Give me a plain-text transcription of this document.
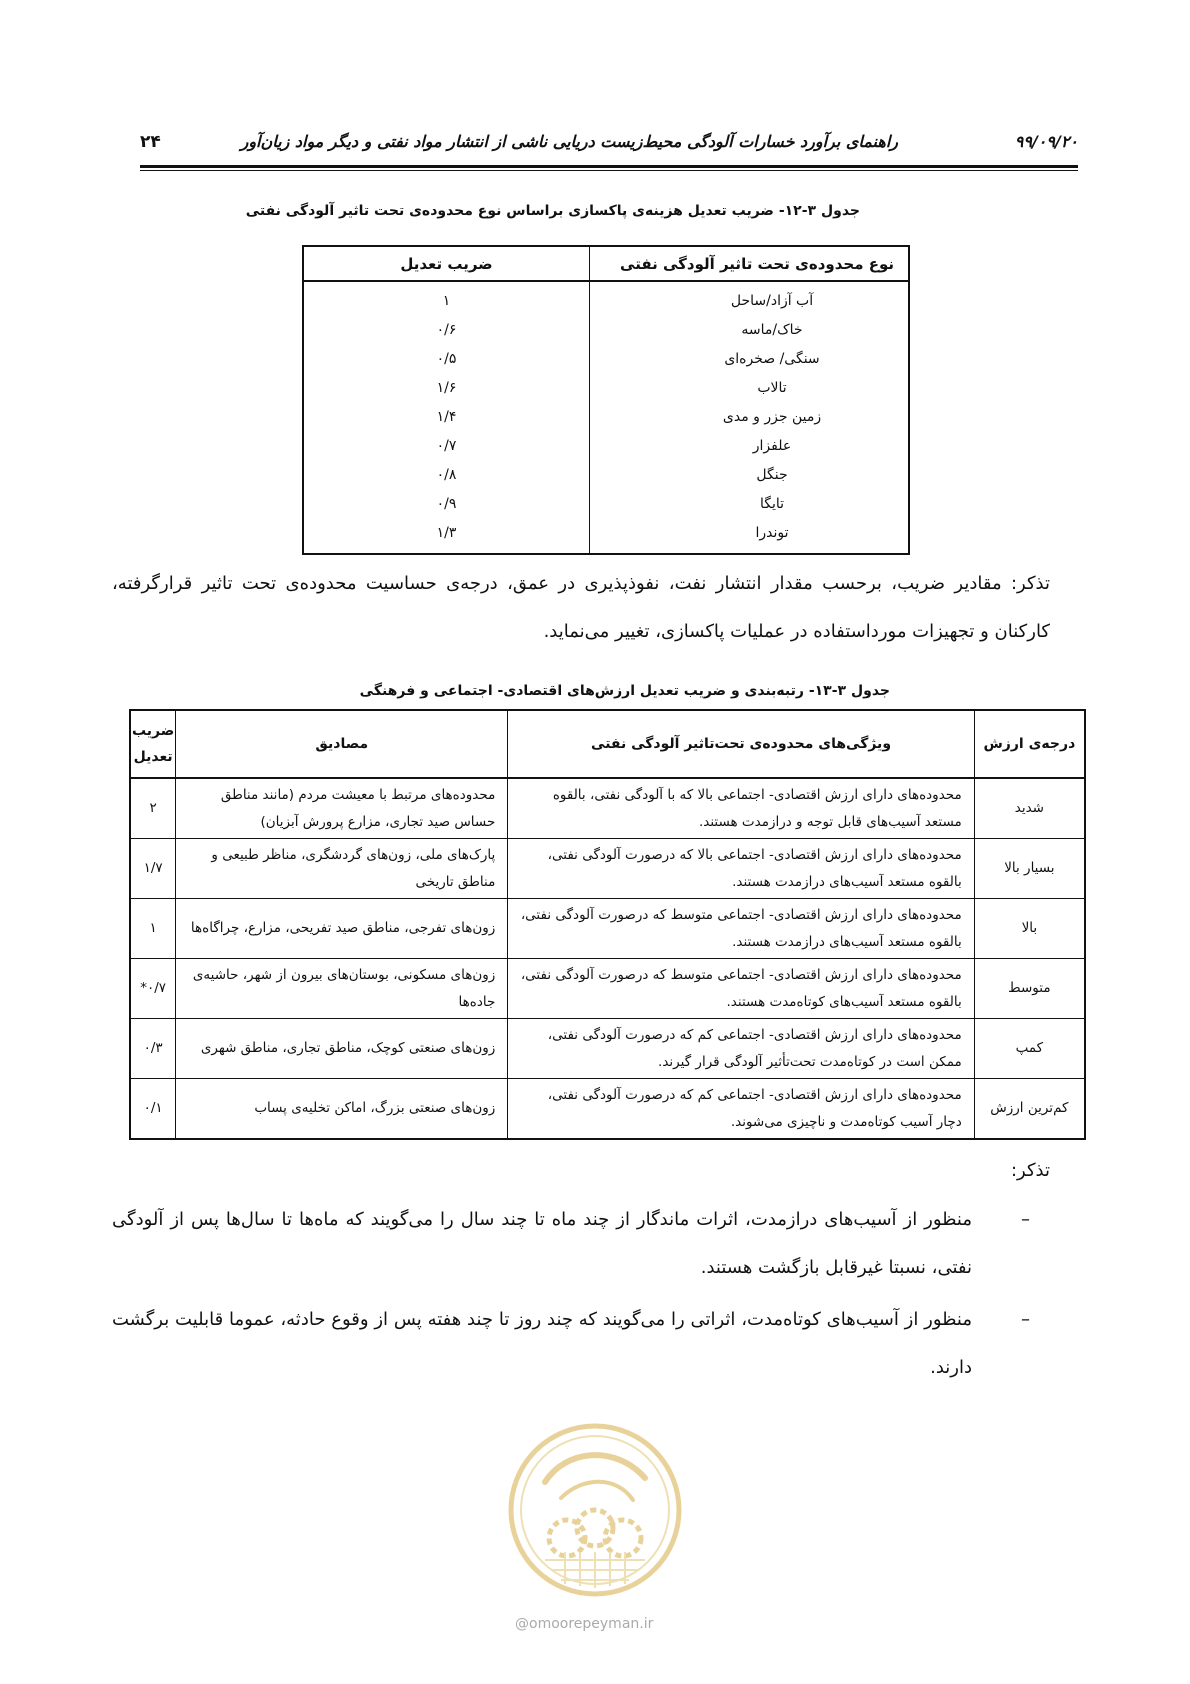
۹۹/۰۹/۲۰
راهنمای برآورد خسارات آلودگی محیط‌زیست دریایی ناشی از انتشار مواد نفتی و دیگر مواد زیان‌آور
۲۴
جدول ۳-۱۲- ضریب تعدیل هزینه‌ی پاکسازی براساس نوع محدوده‌ی تحت تاثیر آلودگی نفتی
نوع محدوده‌ی تحت تاثیر آلودگی نفتی	ضریب تعدیل
آب آزاد/ساحل	۱
خاک/ماسه	۰/۶
سنگی/ صخره‌ای	۰/۵
تالاب	۱/۶
زمین جزر و مدی	۱/۴
علفزار	۰/۷
جنگل	۰/۸
تایگا	۰/۹
توندرا	۱/۳

تذکر: مقادیر ضریب، برحسب مقدار انتشار نفت، نفوذپذیری در عمق، درجه‌ی حساسیت محدوده‌ی تحت تاثیر قرارگرفته، کارکنان و تجهیزات مورداستفاده در عملیات پاکسازی، تغییر می‌نماید.

جدول ۳-۱۳- رتبه‌بندی و ضریب تعدیل ارزش‌های اقتصادی- اجتماعی و فرهنگی
درجه‌ی ارزش	ویژگی‌های محدوده‌ی تحت‌تاثیر آلودگی نفتی	مصادیق	ضریب تعدیل
شدید	محدوده‌های دارای ارزش اقتصادی- اجتماعی بالا که با آلودگی نفتی، بالقوه مستعد آسیب‌های قابل توجه و درازمدت هستند.	محدوده‌های مرتبط با معیشت مردم (مانند مناطق حساس صید تجاری، مزارع پرورش آبزیان)	۲
بسیار بالا	محدوده‌های دارای ارزش اقتصادی- اجتماعی بالا که درصورت آلودگی نفتی، بالقوه مستعد آسیب‌های درازمدت هستند.	پارک‌های ملی، زون‌های گردشگری، مناظر طبیعی و مناطق تاریخی	۱/۷
بالا	محدوده‌های دارای ارزش اقتصادی- اجتماعی متوسط که درصورت آلودگی نفتی، بالقوه مستعد آسیب‌های درازمدت هستند.	زون‌های تفرجی، مناطق صید تفریحی، مزارع، چراگاه‌ها	۱
متوسط	محدوده‌های دارای ارزش اقتصادی- اجتماعی متوسط که درصورت آلودگی نفتی، بالقوه مستعد آسیب‌های کوتاه‌مدت هستند.	زون‌های مسکونی، بوستان‌های بیرون از شهر، حاشیه‌ی جاده‌ها	۰/۷*
کمپ	محدوده‌های دارای ارزش اقتصادی- اجتماعی کم که درصورت آلودگی نفتی، ممکن است در کوتاه‌مدت تحت‌تأثیر آلودگی قرار گیرند.	زون‌های صنعتی کوچک، مناطق تجاری، مناطق شهری	۰/۳
کم‌ترین ارزش	محدوده‌های دارای ارزش اقتصادی- اجتماعی کم که درصورت آلودگی نفتی، دچار آسیب کوتاه‌مدت و ناچیزی می‌شوند.	زون‌های صنعتی بزرگ، اماکن تخلیه‌ی پساب	۰/۱
تذکر:
–
منظور از آسیب‌های درازمدت، اثرات ماندگار از چند ماه تا چند سال را می‌گویند که ماه‌ها تا سال‌ها پس از آلودگی نفتی، نسبتا غیرقابل بازگشت هستند.
–
منظور از آسیب‌های کوتاه‌مدت، اثراتی را می‌گویند که چند روز تا چند هفته پس از وقوع حادثه، عموما قابلیت برگشت دارند.
@omoorepeyman.ir
